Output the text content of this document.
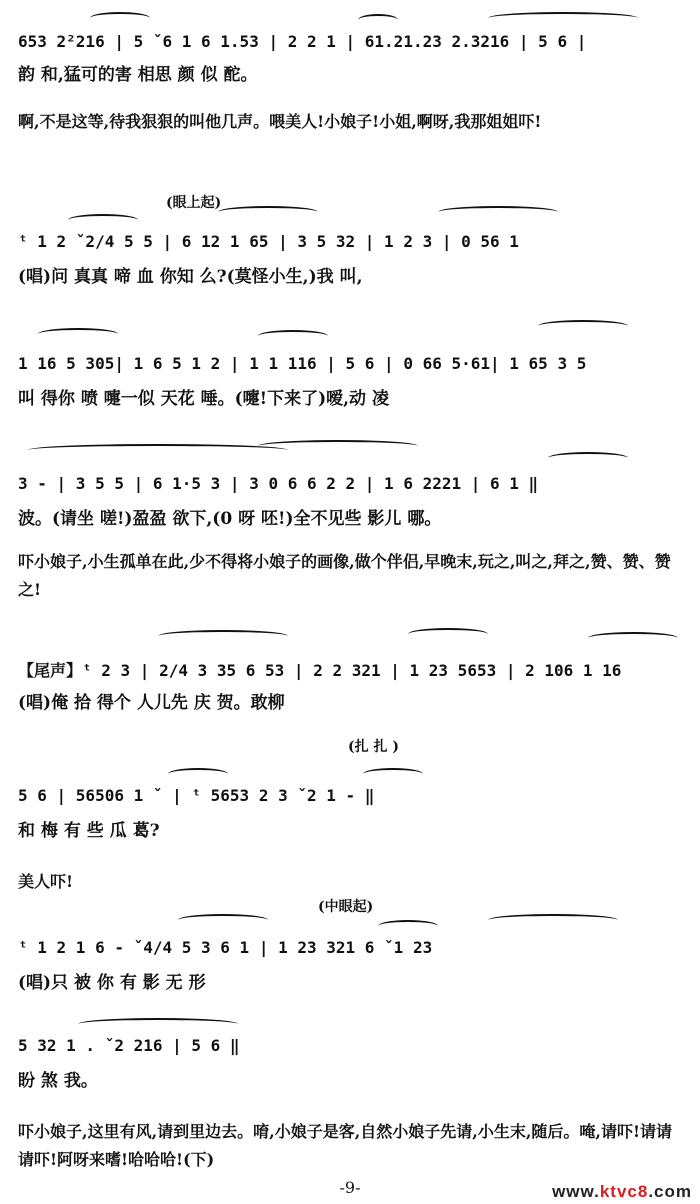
653 2²216 | 5 ˇ6 1 6 1.53 | 2 2 1 | 61.21.23 2.3216 | 5 6 |
韵 和,猛可的害 相思 颜 似 酡。
啊,不是这等,待我狠狠的叫他几声。喂美人!小娘子!小姐,啊呀,我那姐姐吓!
(眼上起)
ᵗ 1 2 ˇ2/4 5 5 | 6 12 1 65 | 3 5 32 | 1 2 3 | 0 56 1
(唱)问 真真 啼 血 你知 么?(莫怪小生,)我 叫,
1 16 5 305| 1 6 5 1 2 | 1 1 116 | 5 6 | 0 66 5·61| 1 65 3 5
叫 得你 喷 嚏一似 天花 唾。(嚏!下来了)嗳,动 凌
3 - | 3 5 5 | 6 1·5 3 | 3 0 6 6 2 2 | 1 6 2221 | 6 1 ‖
波。(请坐 嗟!)盈盈 欲下,(0 呀 呸!)全不见些 影儿 哪。
吓小娘子,小生孤单在此,少不得将小娘子的画像,做个伴侣,早晚末,玩之,叫之,拜之,赞、赞、赞之!
【尾声】ᵗ 2 3 | 2/4 3 35 6 53 | 2 2 321 | 1 23 5653 | 2 106 1 16
(唱)俺 拾 得个 人儿先 庆 贺。敢柳
(扎 扎 )
5 6 | 56506 1 ˇ | ᵗ 5653 2 3 ˇ2 1 - ‖
和 梅 有 些 瓜 葛?
美人吓!
(中眼起)
ᵗ 1 2 1 6 - ˇ4/4 5 3 6 1 | 1 23 321 6 ˇ1 23
(唱)只 被 你 有 影 无 形
5 32 1 . ˇ2 216 | 5 6 ‖
盼 煞 我。
吓小娘子,这里有风,请到里边去。唷,小娘子是客,自然小娘子先请,小生末,随后。唵,请吓!请请请吓!阿呀来嗜!哈哈哈!(下)
-9-	www.ktvc8.com
